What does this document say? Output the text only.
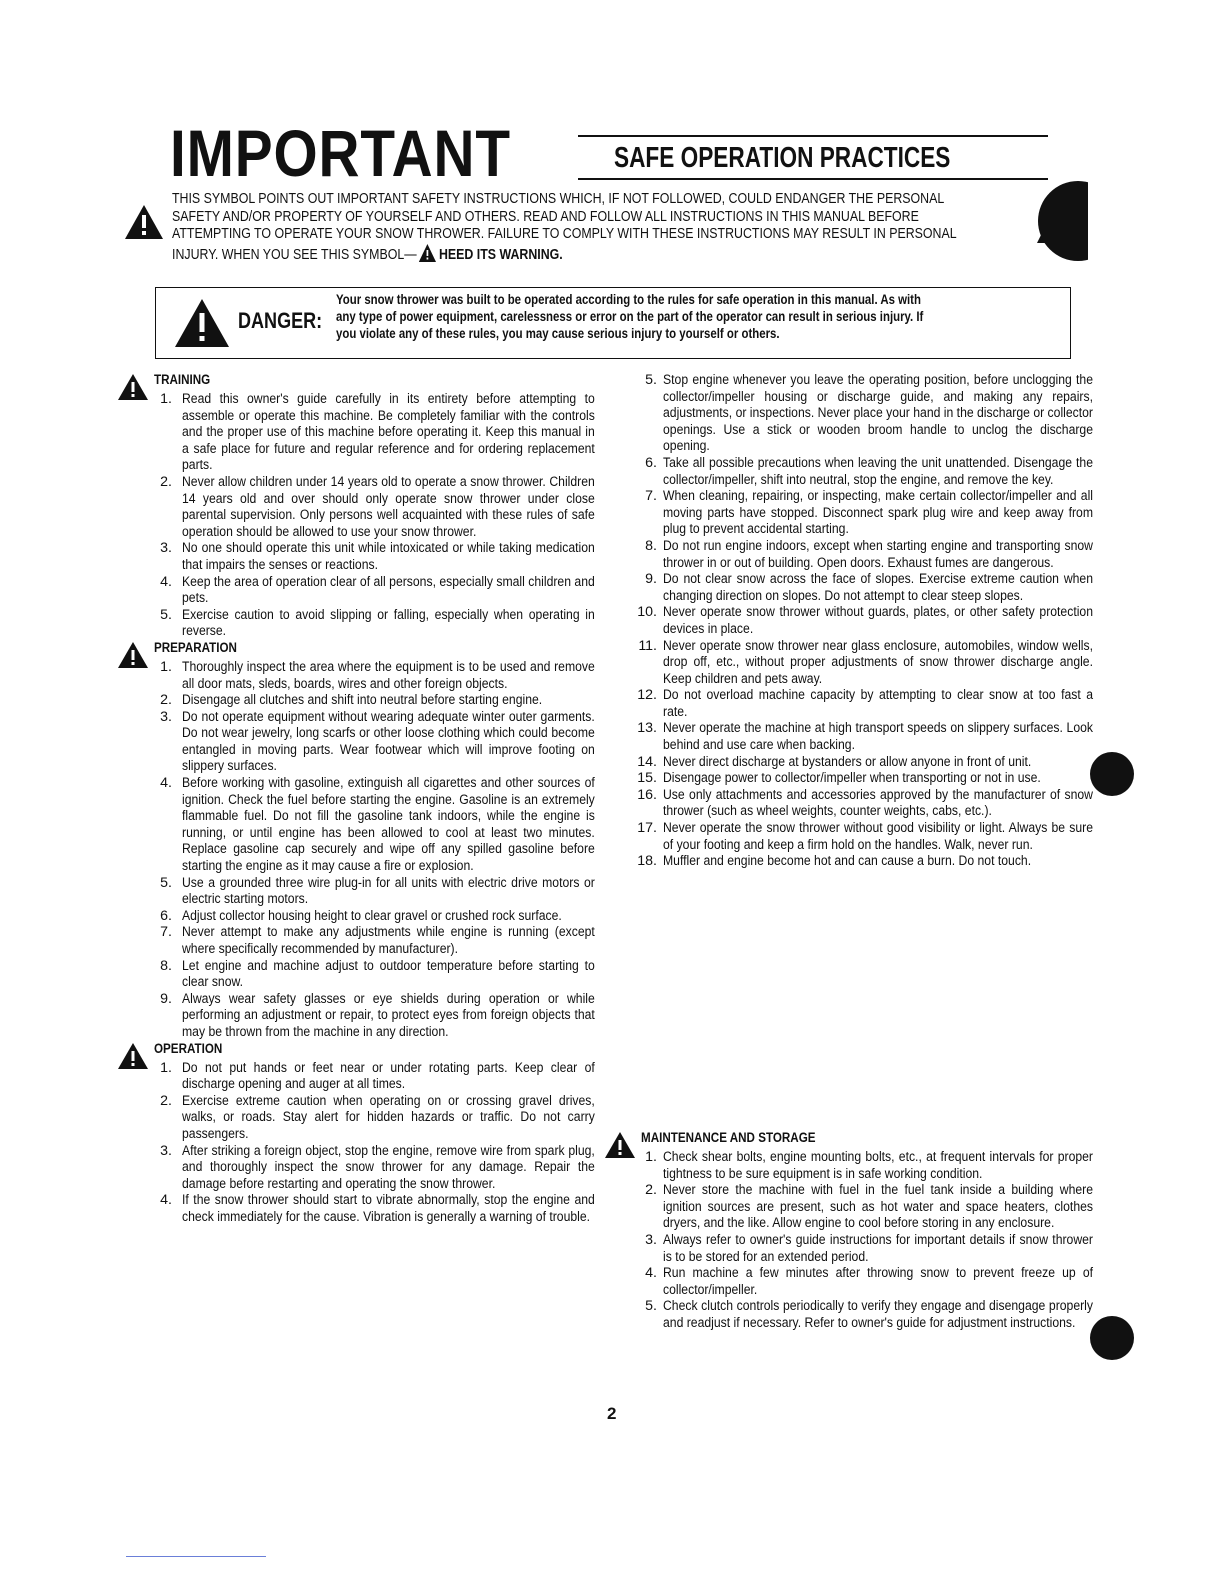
IMPORTANT	SAFE OPERATION PRACTICES
THIS SYMBOL POINTS OUT IMPORTANT SAFETY INSTRUCTIONS WHICH, IF NOT FOLLOWED, COULD ENDANGER THE PERSONAL
SAFETY AND/OR PROPERTY OF YOURSELF AND OTHERS. READ AND FOLLOW ALL INSTRUCTIONS IN THIS MANUAL BEFORE
ATTEMPTING TO OPERATE YOUR SNOW THROWER. FAILURE TO COMPLY WITH THESE INSTRUCTIONS MAY RESULT IN PERSONAL
INJURY. WHEN YOU SEE THIS SYMBOL— HEED ITS WARNING.
DANGER:
Your snow thrower was built to be operated according to the rules for safe operation in this manual. As with
any type of power equipment, carelessness or error on the part of the operator can result in serious injury. If
you violate any of these rules, you may cause serious injury to yourself or others.
TRAINING
1. Read this owner's guide carefully in its entirety before attempting to assemble or operate this machine. Be completely familiar with the controls and the proper use of this machine before operating it. Keep this manual in a safe place for future and regular reference and for ordering replacement parts.
2. Never allow children under 14 years old to operate a snow thrower. Children 14 years old and over should only operate snow thrower under close parental supervision. Only persons well acquainted with these rules of safe operation should be allowed to use your snow thrower.
3. No one should operate this unit while intoxicated or while taking medication that impairs the senses or reactions.
4. Keep the area of operation clear of all persons, especially small children and pets.
5. Exercise caution to avoid slipping or falling, especially when operating in reverse.
PREPARATION
1. Thoroughly inspect the area where the equipment is to be used and remove all door mats, sleds, boards, wires and other foreign objects.
2. Disengage all clutches and shift into neutral before starting engine.
3. Do not operate equipment without wearing adequate winter outer garments. Do not wear jewelry, long scarfs or other loose clothing which could become entangled in moving parts. Wear footwear which will improve footing on slippery surfaces.
4. Before working with gasoline, extinguish all cigarettes and other sources of ignition. Check the fuel before starting the engine. Gasoline is an extremely flammable fuel. Do not fill the gasoline tank indoors, while the engine is running, or until engine has been allowed to cool at least two minutes. Replace gasoline cap securely and wipe off any spilled gasoline before starting the engine as it may cause a fire or explosion.
5. Use a grounded three wire plug-in for all units with electric drive motors or electric starting motors.
6. Adjust collector housing height to clear gravel or crushed rock surface.
7. Never attempt to make any adjustments while engine is running (except where specifically recommended by manufacturer).
8. Let engine and machine adjust to outdoor temperature before starting to clear snow.
9. Always wear safety glasses or eye shields during operation or while performing an adjustment or repair, to protect eyes from foreign objects that may be thrown from the machine in any direction.
OPERATION
1. Do not put hands or feet near or under rotating parts. Keep clear of discharge opening and auger at all times.
2. Exercise extreme caution when operating on or crossing gravel drives, walks, or roads. Stay alert for hidden hazards or traffic. Do not carry passengers.
3. After striking a foreign object, stop the engine, remove wire from spark plug, and thoroughly inspect the snow thrower for any damage. Repair the damage before restarting and operating the snow thrower.
4. If the snow thrower should start to vibrate abnormally, stop the engine and check immediately for the cause. Vibration is generally a warning of trouble.
5. Stop engine whenever you leave the operating position, before unclogging the collector/impeller housing or discharge guide, and making any repairs, adjustments, or inspections. Never place your hand in the discharge or collector openings. Use a stick or wooden broom handle to unclog the discharge opening.
6. Take all possible precautions when leaving the unit unattended. Disengage the collector/impeller, shift into neutral, stop the engine, and remove the key.
7. When cleaning, repairing, or inspecting, make certain collector/impeller and all moving parts have stopped. Disconnect spark plug wire and keep away from plug to prevent accidental starting.
8. Do not run engine indoors, except when starting engine and transporting snow thrower in or out of building. Open doors. Exhaust fumes are dangerous.
9. Do not clear snow across the face of slopes. Exercise extreme caution when changing direction on slopes. Do not attempt to clear steep slopes.
10. Never operate snow thrower without guards, plates, or other safety protection devices in place.
11. Never operate snow thrower near glass enclosure, automobiles, window wells, drop off, etc., without proper adjustments of snow thrower discharge angle. Keep children and pets away.
12. Do not overload machine capacity by attempting to clear snow at too fast a rate.
13. Never operate the machine at high transport speeds on slippery surfaces. Look behind and use care when backing.
14. Never direct discharge at bystanders or allow anyone in front of unit.
15. Disengage power to collector/impeller when transporting or not in use.
16. Use only attachments and accessories approved by the manufacturer of snow thrower (such as wheel weights, counter weights, cabs, etc.).
17. Never operate the snow thrower without good visibility or light. Always be sure of your footing and keep a firm hold on the handles. Walk, never run.
18. Muffler and engine become hot and can cause a burn. Do not touch.
MAINTENANCE AND STORAGE
1. Check shear bolts, engine mounting bolts, etc., at frequent intervals for proper tightness to be sure equipment is in safe working condition.
2. Never store the machine with fuel in the fuel tank inside a building where ignition sources are present, such as hot water and space heaters, clothes dryers, and the like. Allow engine to cool before storing in any enclosure.
3. Always refer to owner's guide instructions for important details if snow thrower is to be stored for an extended period.
4. Run machine a few minutes after throwing snow to prevent freeze up of collector/impeller.
5. Check clutch controls periodically to verify they engage and disengage properly and readjust if necessary. Refer to owner's guide for adjustment instructions.
2
